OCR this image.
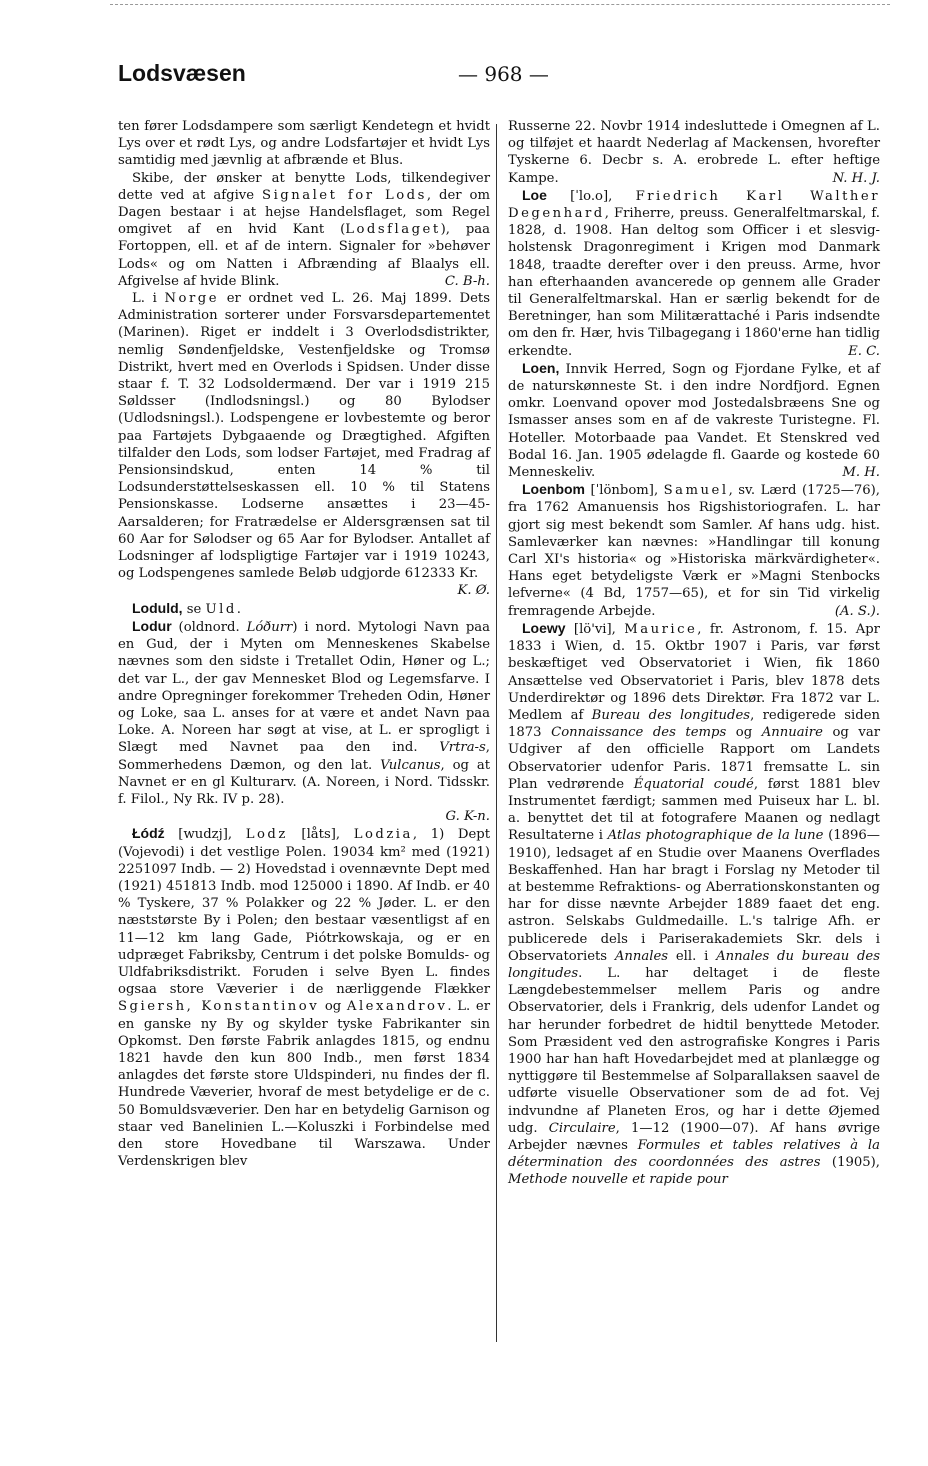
Lodsvæsen	— 968 —

ten fører Lodsdampere som særligt Kendetegn et hvidt Lys over et rødt Lys, og andre Lodsfartøjer et hvidt Lys samtidig med jævnlig at afbrænde et Blus.

Skibe, der ønsker at benytte Lods, tilkendegiver dette ved at afgive Signalet for Lods, der om Dagen bestaar i at hejse Handelsflaget, som Regel omgivet af en hvid Kant (Lodsflaget), paa Fortoppen, ell. et af de intern. Signaler for »behøver Lods« og om Natten i Afbrænding af Blaalys ell. Afgivelse af hvide Blink.	C. B-h.

L. i Norge er ordnet ved L. 26. Maj 1899. Dets Administration sorterer under Forsvarsdepartementet (Marinen). Riget er inddelt i 3 Overlodsdistrikter, nemlig Søndenfjeldske, Vestenfjeldske og Tromsø Distrikt, hvert med en Overlods i Spidsen. Under disse staar f. T. 32 Lodsoldermænd. Der var i 1919 215 Søldsser (Indlodsningsl.) og 80 Bylodser (Udlodsningsl.). Lodspengene er lovbestemte og beror paa Fartøjets Dybgaaende og Drægtighed. Afgiften tilfalder den Lods, som lodser Fartøjet, med Fradrag af Pensionsindskud, enten 14 % til Lodsunderstøttelseskassen ell. 10 % til Statens Pensionskasse. Lodserne ansættes i 23—45-Aarsalderen; for Fratrædelse er Aldersgrænsen sat til 60 Aar for Sølodser og 65 Aar for Bylodser. Antallet af Lodsninger af lodspligtige Fartøjer var i 1919 10243, og Lodspengenes samlede Beløb udgjorde 612333 Kr.
K. Ø.

Loduld, se Uld.

Lodur (oldnord. Lóðurr) i nord. Mytologi Navn paa en Gud, der i Myten om Menneskenes Skabelse nævnes som den sidste i Tretallet Odin, Høner og L.; det var L., der gav Mennesket Blod og Legemsfarve. I andre Opregninger forekommer Treheden Odin, Høner og Loke, saa L. anses for at være et andet Navn paa Loke. A. Noreen har søgt at vise, at L. er sprogligt i Slægt med Navnet paa den ind. Vrtra-s, Sommerhedens Dæmon, og den lat. Vulcanus, og at Navnet er en gl Kulturarv. (A. Noreen, i Nord. Tidsskr. f. Filol., Ny Rk. IV p. 28).

G. K-n.

Łódź [wudzj], Lodz [låts], Lodzia, 1) Dept (Vojevodi) i det vestlige Polen. 19034 km² med (1921) 2251097 Indb. — 2) Hovedstad i ovennævnte Dept med (1921) 451813 Indb. mod 125000 i 1890. Af Indb. er 40 % Tyskere, 37 % Polakker og 22 % Jøder. L. er den næststørste By i Polen; den bestaar væsentligst af en 11—12 km lang Gade, Piótrkowskaja, og er en udpræget Fabriksby, Centrum i det polske Bomulds- og Uldfabriksdistrikt. Foruden i selve Byen L. findes ogsaa store Væverier i de nærliggende Flækker Sgiersh, Konstantinov og Alexandrov. L. er en ganske ny By og skylder tyske Fabrikanter sin Opkomst. Den første Fabrik anlagdes 1815, og endnu 1821 havde den kun 800 Indb., men først 1834 anlagdes det første store Uldspinderi, nu findes der fl. Hundrede Væverier, hvoraf de mest betydelige er de c. 50 Bomuldsvæverier. Den har en betydelig Garnison og staar ved Banelinien L.—Koluszki i Forbindelse med den store Hovedbane til Warszawa. Under Verdenskrigen blev

Russerne 22. Novbr 1914 indesluttede i Omegnen af L. og tilføjet et haardt Nederlag af Mackensen, hvorefter Tyskerne 6. Decbr s. A. erobrede L. efter heftige Kampe.	N. H. J.

Loe [ˈlo.o], Friedrich Karl Walther Degenhard, Friherre, preuss. Generalfeltmarskal, f. 1828, d. 1908. Han deltog som Officer i et slesvig-holstensk Dragonregiment i Krigen mod Danmark 1848, traadte derefter over i den preuss. Arme, hvor han efterhaanden avancerede op gennem alle Grader til Generalfeltmarskal. Han er særlig bekendt for de Beretninger, han som Militærattaché i Paris indsendte om den fr. Hær, hvis Tilbagegang i 1860'erne han tidlig erkendte.	E. C.

Loen, Innvik Herred, Sogn og Fjordane Fylke, et af de naturskønneste St. i den indre Nordfjord. Egnen omkr. Loenvand opover mod Jostedalsbræens Sne og Ismasser anses som en af de vakreste Turistegne. Fl. Hoteller. Motorbaade paa Vandet. Et Stenskred ved Bodal 16. Jan. 1905 ødelagde fl. Gaarde og kostede 60 Menneskeliv.	M. H.

Loenbom [ˈlönbom], Samuel, sv. Lærd (1725—76), fra 1762 Amanuensis hos Rigshistoriografen. L. har gjort sig mest bekendt som Samler. Af hans udg. hist. Samleværker kan nævnes: »Handlingar till konung Carl XI's historia« og »Historiska märkvärdigheter«. Hans eget betydeligste Værk er »Magni Stenbocks lefverne« (4 Bd, 1757—65), et for sin Tid virkelig fremragende Arbejde.	(A. S.).

Loewy [lö'vi], Maurice, fr. Astronom, f. 15. Apr 1833 i Wien, d. 15. Oktbr 1907 i Paris, var først beskæftiget ved Observatoriet i Wien, fik 1860 Ansættelse ved Observatoriet i Paris, blev 1878 dets Underdirektør og 1896 dets Direktør. Fra 1872 var L. Medlem af Bureau des longitudes, redigerede siden 1873 Connaissance des temps og Annuaire og var Udgiver af den officielle Rapport om Landets Observatorier udenfor Paris. 1871 fremsatte L. sin Plan vedrørende Équatorial coudé, først 1881 blev Instrumentet færdigt; sammen med Puiseux har L. bl. a. benyttet det til at fotografere Maanen og nedlagt Resultaterne i Atlas photographique de la lune (1896—1910), ledsaget af en Studie over Maanens Overflades Beskaffenhed. Han har bragt i Forslag ny Metoder til at bestemme Refraktions- og Aberrationskonstanten og har for disse nævnte Arbejder 1889 faaet det eng. astron. Selskabs Guldmedaille. L.'s talrige Afh. er publicerede dels i Pariserakademiets Skr. dels i Observatoriets Annales ell. i Annales du bureau des longitudes. L. har deltaget i de fleste Længdebestemmelser mellem Paris og andre Observatorier, dels i Frankrig, dels udenfor Landet og har herunder forbedret de hidtil benyttede Metoder. Som Præsident ved den astrografiske Kongres i Paris 1900 har han haft Hovedarbejdet med at planlægge og nyttiggøre til Bestemmelse af Solparallaksen saavel de udførte visuelle Observationer som de ad fot. Vej indvundne af Planeten Eros, og har i dette Øjemed udg. Circulaire, 1—12 (1900—07). Af hans øvrige Arbejder nævnes Formules et tables relatives à la détermination des coordonnées des astres (1905), Methode nouvelle et rapide pour
